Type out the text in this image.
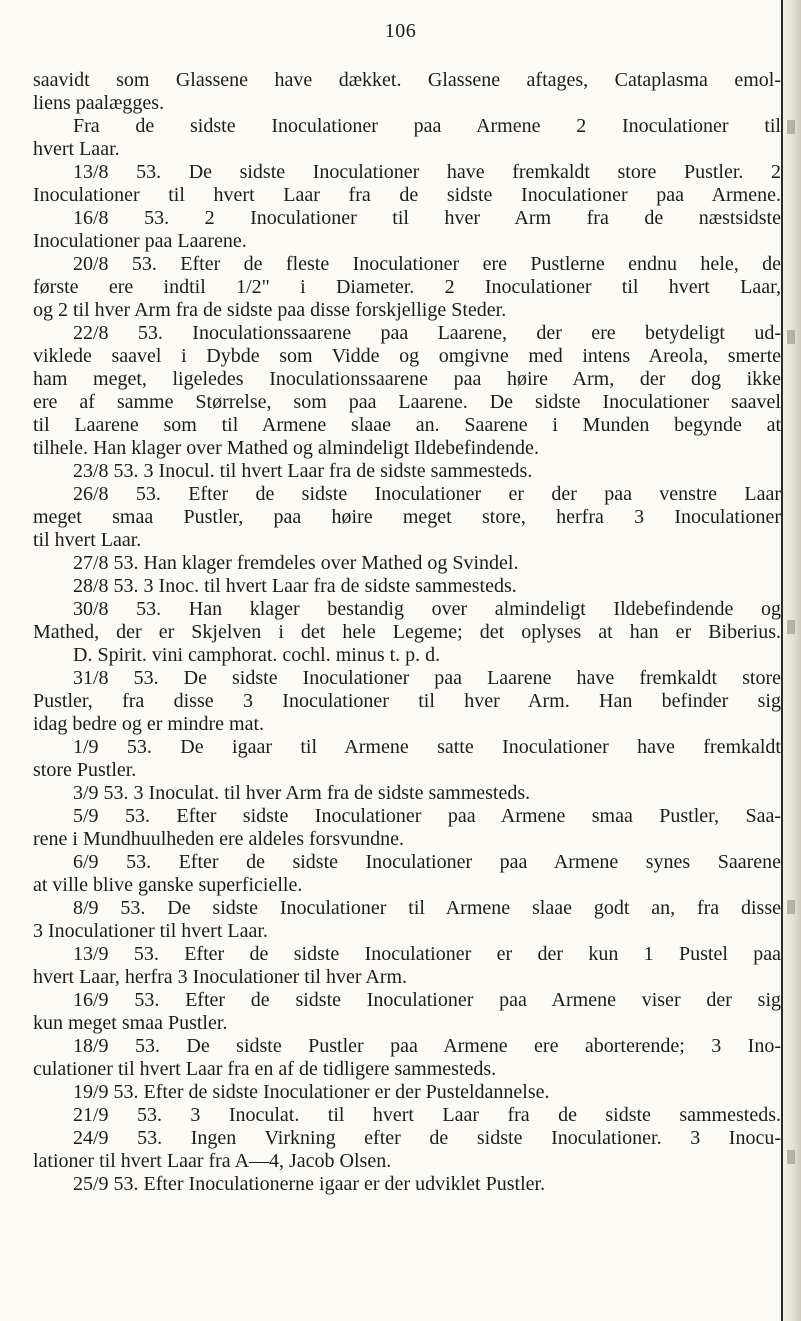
106
saavidt som Glassene have dækket. Glassene aftages, Cataplasma emol-
liens paalægges.
Fra de sidste Inoculationer paa Armene 2 Inoculationer til
hvert Laar.
13/8 53. De sidste Inoculationer have fremkaldt store Pustler. 2
Inoculationer til hvert Laar fra de sidste Inoculationer paa Armene.
16/8 53. 2 Inoculationer til hver Arm fra de næstsidste
Inoculationer paa Laarene.
20/8 53. Efter de fleste Inoculationer ere Pustlerne endnu hele, de
første ere indtil 1/2" i Diameter. 2 Inoculationer til hvert Laar,
og 2 til hver Arm fra de sidste paa disse forskjellige Steder.
22/8 53. Inoculationssaarene paa Laarene, der ere betydeligt ud-
viklede saavel i Dybde som Vidde og omgivne med intens Areola, smerte
ham meget, ligeledes Inoculationssaarene paa høire Arm, der dog ikke
ere af samme Størrelse, som paa Laarene. De sidste Inoculationer saavel
til Laarene som til Armene slaae an. Saarene i Munden begynde at
tilhele. Han klager over Mathed og almindeligt Ildebefindende.
23/8 53. 3 Inocul. til hvert Laar fra de sidste sammesteds.
26/8 53. Efter de sidste Inoculationer er der paa venstre Laar
meget smaa Pustler, paa høire meget store, herfra 3 Inoculationer
til hvert Laar.
27/8 53. Han klager fremdeles over Mathed og Svindel.
28/8 53. 3 Inoc. til hvert Laar fra de sidste sammesteds.
30/8 53. Han klager bestandig over almindeligt Ildebefindende og
Mathed, der er Skjelven i det hele Legeme; det oplyses at han er Biberius.
D. Spirit. vini camphorat. cochl. minus t. p. d.
31/8 53. De sidste Inoculationer paa Laarene have fremkaldt store
Pustler, fra disse 3 Inoculationer til hver Arm. Han befinder sig
idag bedre og er mindre mat.
1/9 53. De igaar til Armene satte Inoculationer have fremkaldt
store Pustler.
3/9 53. 3 Inoculat. til hver Arm fra de sidste sammesteds.
5/9 53. Efter sidste Inoculationer paa Armene smaa Pustler, Saa-
rene i Mundhuulheden ere aldeles forsvundne.
6/9 53. Efter de sidste Inoculationer paa Armene synes Saarene
at ville blive ganske superficielle.
8/9 53. De sidste Inoculationer til Armene slaae godt an, fra disse
3 Inoculationer til hvert Laar.
13/9 53. Efter de sidste Inoculationer er der kun 1 Pustel paa
hvert Laar, herfra 3 Inoculationer til hver Arm.
16/9 53. Efter de sidste Inoculationer paa Armene viser der sig
kun meget smaa Pustler.
18/9 53. De sidste Pustler paa Armene ere aborterende; 3 Ino-
culationer til hvert Laar fra en af de tidligere sammesteds.
19/9 53. Efter de sidste Inoculationer er der Pusteldannelse.
21/9 53. 3 Inoculat. til hvert Laar fra de sidste sammesteds.
24/9 53. Ingen Virkning efter de sidste Inoculationer. 3 Inocu-
lationer til hvert Laar fra A—4, Jacob Olsen.
25/9 53. Efter Inoculationerne igaar er der udviklet Pustler.
